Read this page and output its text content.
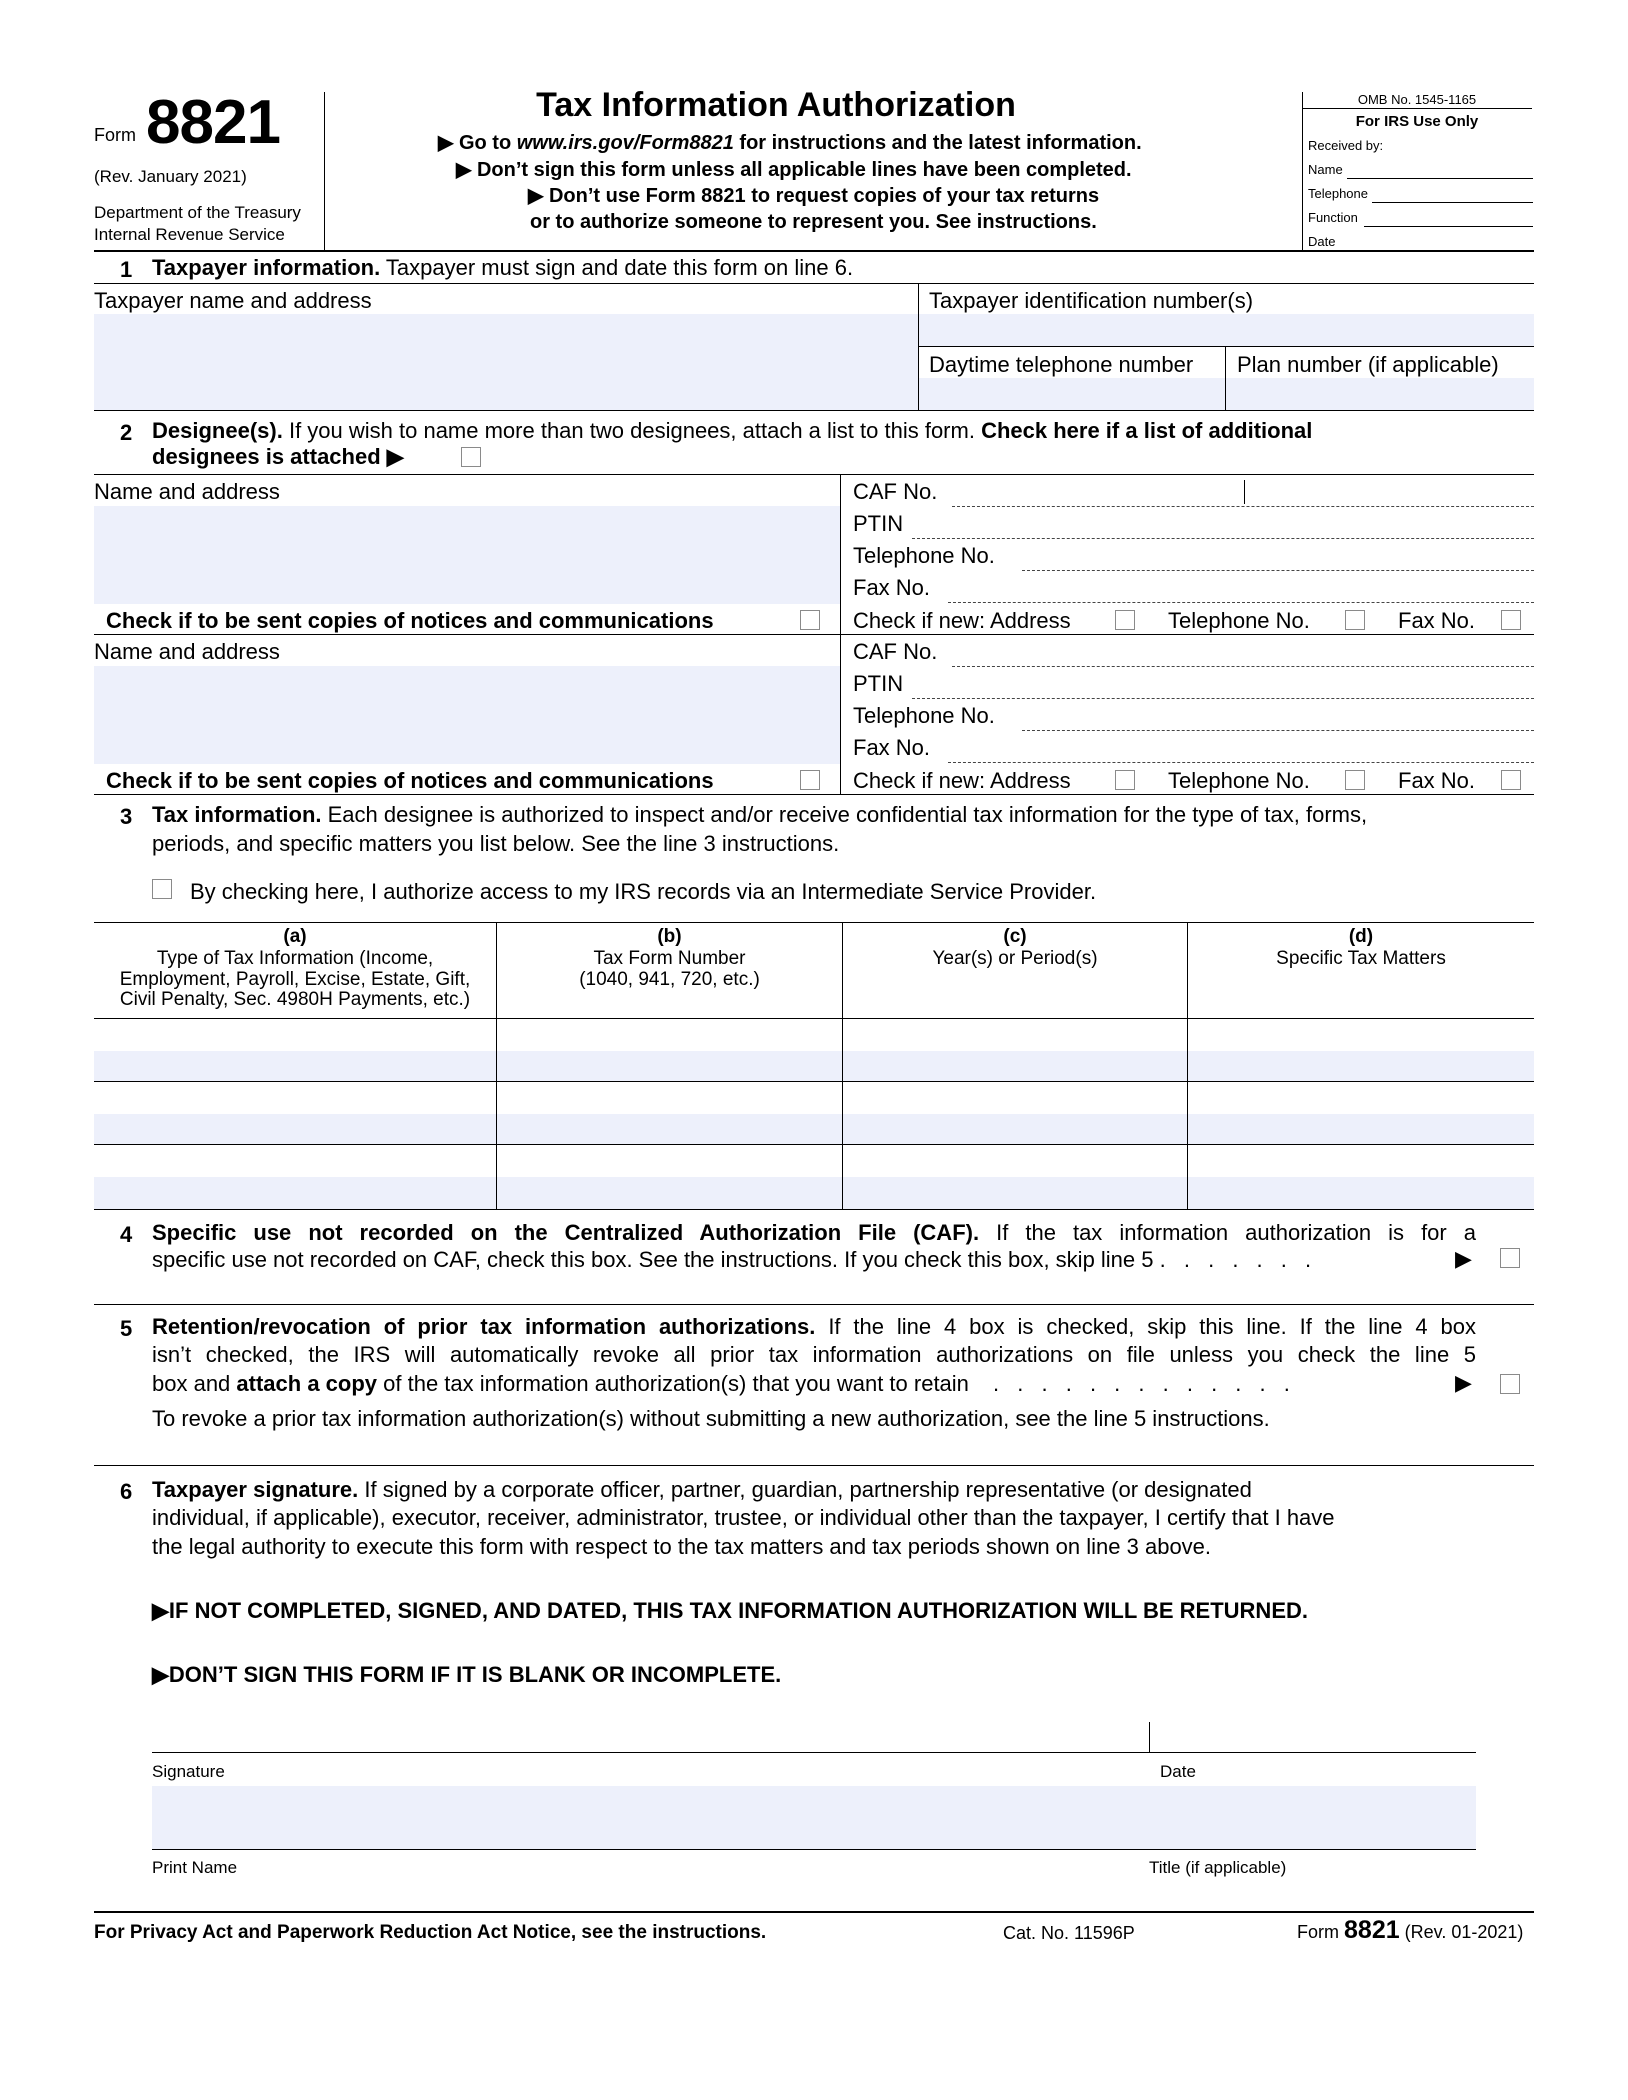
Form 8821
(Rev. January 2021)
Department of the Treasury
Internal Revenue Service
Tax Information Authorization
▶ Go to www.irs.gov/Form8821 for instructions and the latest information.
▶ Don’t sign this form unless all applicable lines have been completed.
▶ Don’t use Form 8821 to request copies of your tax returns
or to authorize someone to represent you. See instructions.
OMB No. 1545-1165
For IRS Use Only
Received by:
Name
Telephone
Function
Date
1 Taxpayer information. Taxpayer must sign and date this form on line 6.
Taxpayer name and address	Taxpayer identification number(s)
Daytime telephone number Plan number (if applicable)
2 Designee(s). If you wish to name more than two designees, attach a list to this form. Check here if a list of additional
designees is attached ▶
Name and address	CAF No.
PTIN
Telephone No.
Fax No.
Check if to be sent copies of notices and communications	Check if new: Address	Telephone No.	Fax No.
Name and address	CAF No.
PTIN
Telephone No.
Fax No.
Check if to be sent copies of notices and communications	Check if new: Address	Telephone No.	Fax No.
3 Tax information. Each designee is authorized to inspect and/or receive confidential tax information for the type of tax, forms,
periods, and specific matters you list below. See the line 3 instructions.
By checking here, I authorize access to my IRS records via an Intermediate Service Provider.
(a)
Type of Tax Information (Income,
Employment, Payroll, Excise, Estate, Gift,
Civil Penalty, Sec. 4980H Payments, etc.)
(b)
Tax Form Number
(1040, 941, 720, etc.)
(c)
Year(s) or Period(s)
(d)
Specific Tax Matters
4 Specific use not recorded on the Centralized Authorization File (CAF). If the tax information authorization is for a
specific use not recorded on CAF, check this box. See the instructions. If you check this box, skip line 5 . . . . . . .	▶
5 Retention/revocation of prior tax information authorizations. If the line 4 box is checked, skip this line. If the line 4 box
isn’t checked, the IRS will automatically revoke all prior tax information authorizations on file unless you check the line 5
box and attach a copy of the tax information authorization(s) that you want to retain . . . . . . . . . . . . .	▶
To revoke a prior tax information authorization(s) without submitting a new authorization, see the line 5 instructions.
6 Taxpayer signature. If signed by a corporate officer, partner, guardian, partnership representative (or designated
individual, if applicable), executor, receiver, administrator, trustee, or individual other than the taxpayer, I certify that I have
the legal authority to execute this form with respect to the tax matters and tax periods shown on line 3 above.
▶IF NOT COMPLETED, SIGNED, AND DATED, THIS TAX INFORMATION AUTHORIZATION WILL BE RETURNED.
▶DON’T SIGN THIS FORM IF IT IS BLANK OR INCOMPLETE.
Signature	Date
Print Name	Title (if applicable)
For Privacy Act and Paperwork Reduction Act Notice, see the instructions.	Cat. No. 11596P	Form 8821 (Rev. 01-2021)
